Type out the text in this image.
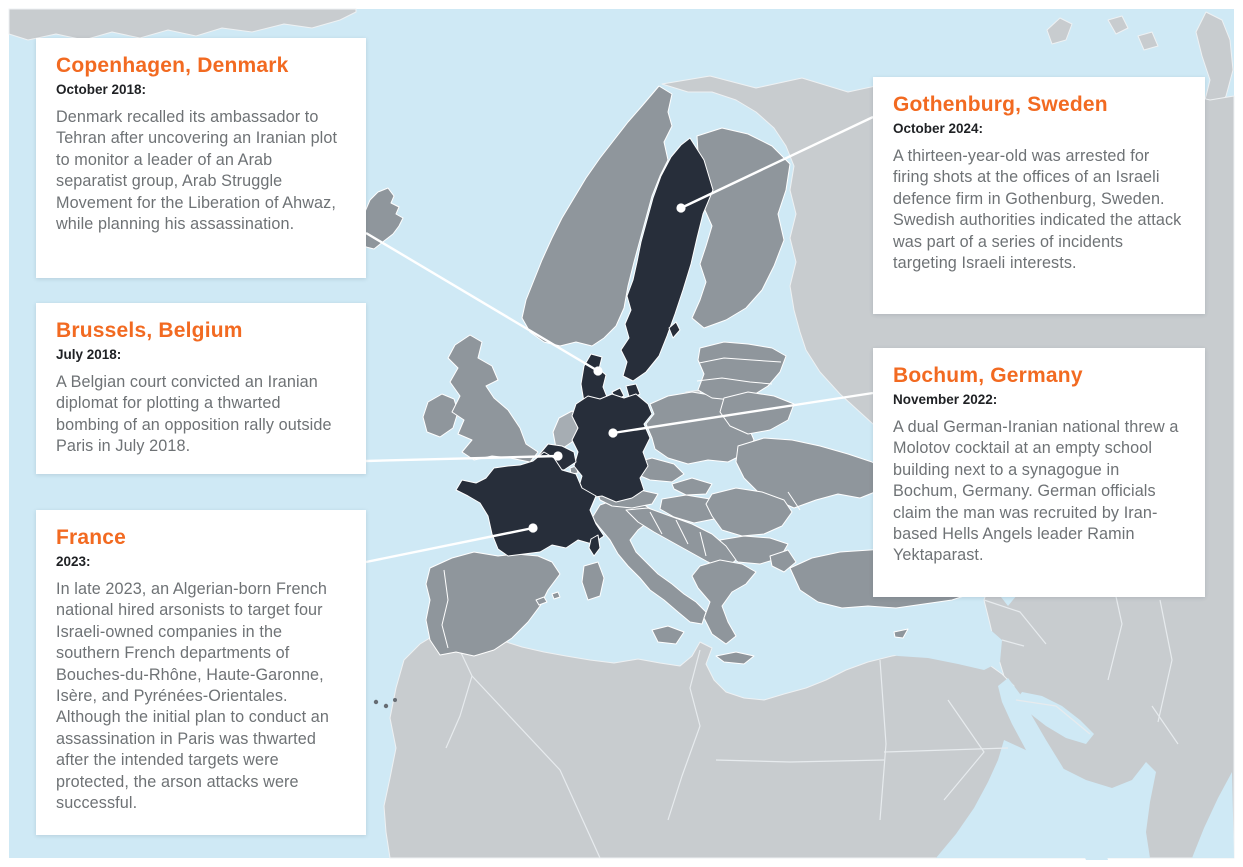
Copenhagen, Denmark
October 2018:

Denmark recalled its ambassador to Tehran after uncovering an Iranian plot to monitor a leader of an Arab separatist group, Arab Struggle Movement for the Liberation of Ahwaz, while planning his assassination.

Brussels, Belgium
July 2018:

A Belgian court convicted an Iranian diplomat for plotting a thwarted bombing of an opposition rally outside Paris in July 2018.

France
2023:

In late 2023, an Algerian-born French national hired arsonists to target four Israeli-owned companies in the southern French departments of Bouches-du-Rhône, Haute-Garonne, Isère, and Pyrénées-Orientales. Although the initial plan to conduct an assassination in Paris was thwarted after the intended targets were protected, the arson attacks were successful.

Gothenburg, Sweden
October 2024:

A thirteen-year-old was arrested for firing shots at the offices of an Israeli defence firm in Gothenburg, Sweden. Swedish authorities indicated the attack was part of a series of incidents targeting Israeli interests.

Bochum, Germany
November 2022:

A dual German-Iranian national threw a Molotov cocktail at an empty school building next to a synagogue in Bochum, Germany. German officials claim the man was recruited by Iran-based Hells Angels leader Ramin Yektaparast.
